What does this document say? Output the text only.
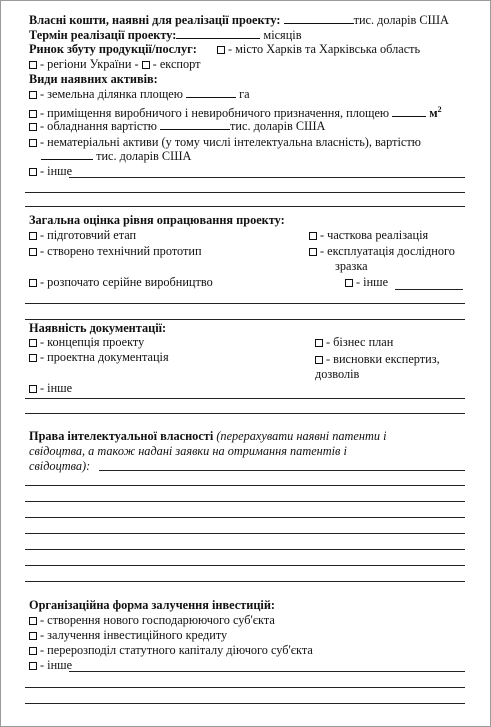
Власні кошти, наявні для реалізації проекту:	тис. доларів США
Термін реалізації проекту:	місяців
Ринок збуту продукції/послуг:	- місто Харків та Харківська область
- регіони України - - експорт
Види наявних активів:
- земельна ділянка площею	га
- приміщення виробничого і невиробничого призначення, площею	$м^2$
- обладнання вартістю	тис. доларів США
- нематеріальні активи (у тому числі інтелектуальна власність), вартістю
тис. доларів США
- інше
Загальна оцінка рівня опрацювання проекту:
- підготовчий етап	- часткова реалізація
- створено технічний прототип	- експлуатація дослідного
зразка
- розпочато серійне виробництво	- інше
Наявність документації:
- концепція проекту	- бізнес план
- проектна документація	- висновки експертиз,
дозволів
- інше
Права інтелектуальної власності (перерахувати наявні патенти і
свідоцтва, а також надані заявки на отримання патентів і
свідоцтва):
Організаційна форма залучення інвестицій:
- створення нового господарюючого суб'єкта
- залучення інвестиційного кредиту
- перерозподіл статутного капіталу діючого суб'єкта
- інше
